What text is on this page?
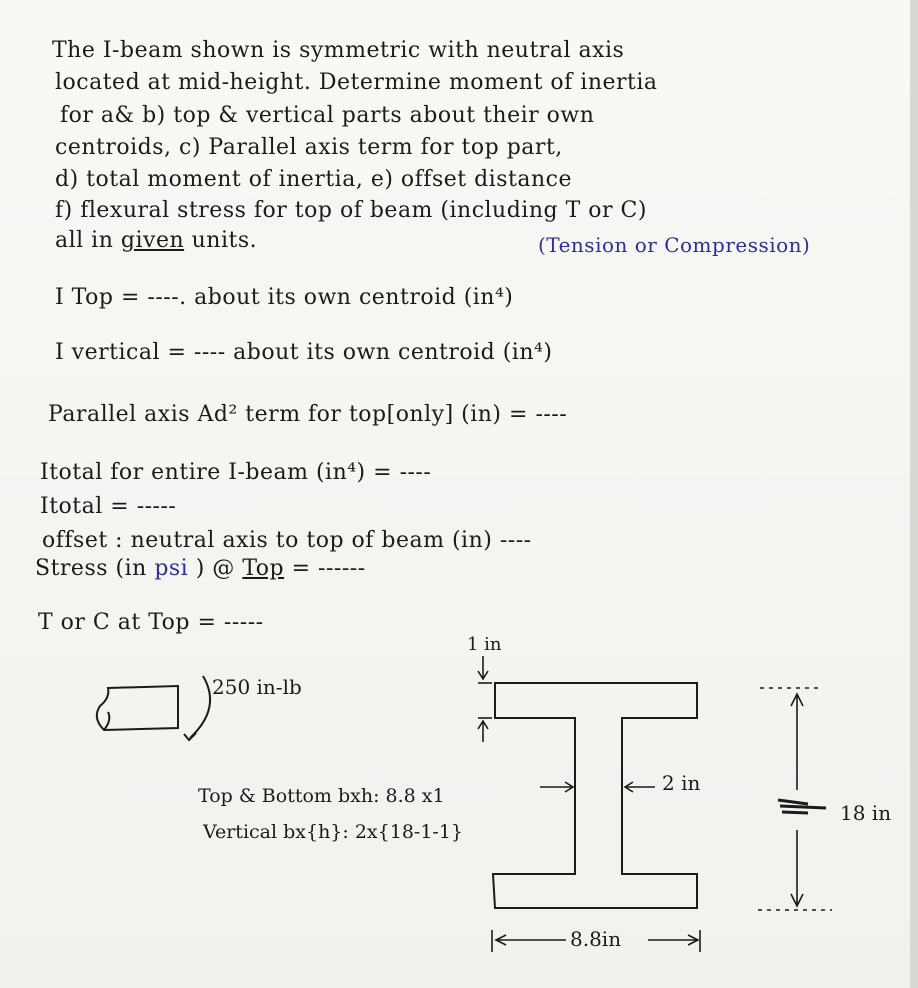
The I-beam shown is symmetric with neutral axis
located at mid-height. Determine moment of inertia
for a& b) top & vertical parts about their own
centroids, c) Parallel axis term for top part,
d) total moment of inertia, e) offset distance
f) flexural stress for top of beam (including T or C)
all in given units.	(Tension or Compression)
I Top = ----. about its own centroid (in⁴)
I vertical = ---- about its own centroid (in⁴)
Parallel axis Ad² term for top[only] (in) = ----
Itotal for entire I-beam (in⁴) = ----
Itotal = -----
offset : neutral axis to top of beam (in) ----
Stress (in psi ) @ Top = ------
T or C at Top = -----
250 in-lb
1 in
2 in
18 in
8.8in
Top & Bottom bxh: 8.8 x1
Vertical bx{h}: 2x{18-1-1}
